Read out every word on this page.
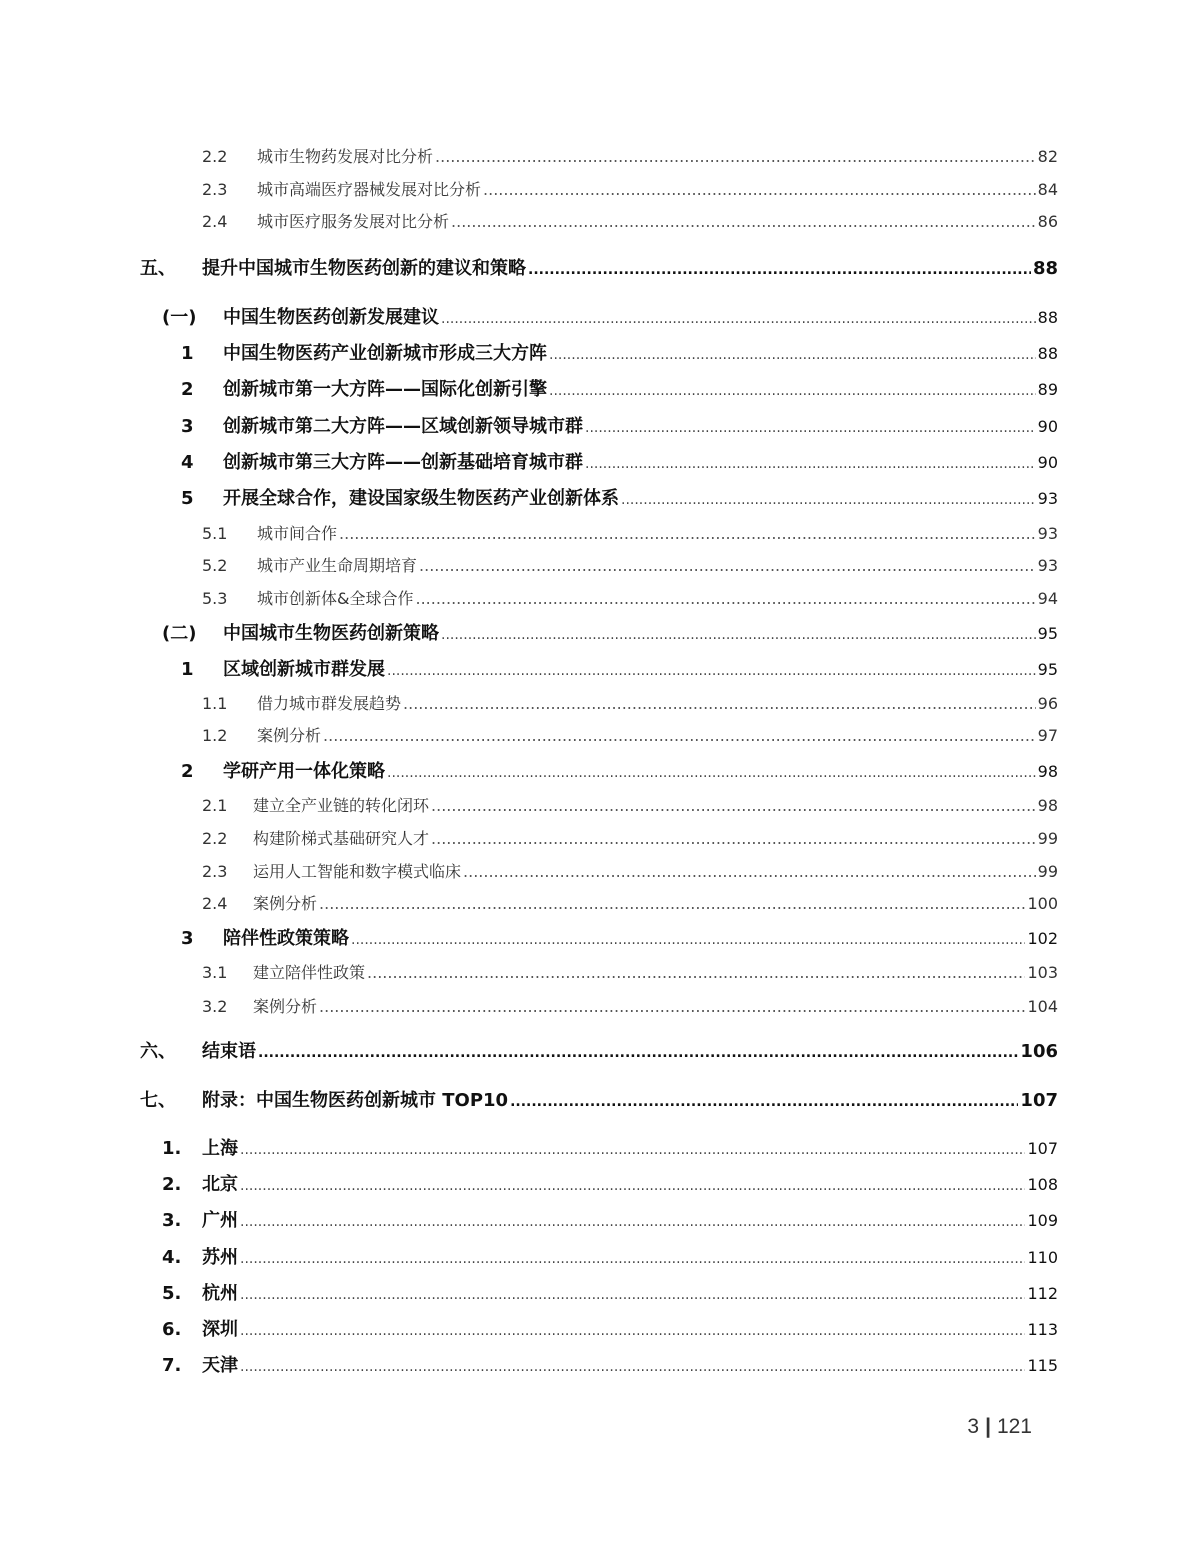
2.2 城市生物药发展对比分析 .....	82
2.3 城市高端医疗器械发展对比分析 .....	84
2.4 城市医疗服务发展对比分析 .....	86
五、 提升中国城市生物医药创新的建议和策略 .....	88
(一) 中国生物医药创新发展建议 .....	88
1 中国生物医药产业创新城市形成三大方阵 .....	88
2 创新城市第一大方阵——国际化创新引擎 .....	89
3 创新城市第二大方阵——区域创新领导城市群 .....	90
4 创新城市第三大方阵——创新基础培育城市群 .....	90
5 开展全球合作，建设国家级生物医药产业创新体系 .....	93
5.1 城市间合作 .....	93
5.2 城市产业生命周期培育 .....	93
5.3 城市创新体&全球合作 .....	94
(二) 中国城市生物医药创新策略 .....	95
1 区域创新城市群发展 .....	95
1.1 借力城市群发展趋势 .....	96
1.2 案例分析 .....	97
2 学研产用一体化策略 .....	98
2.1 建立全产业链的转化闭环 .....	98
2.2 构建阶梯式基础研究人才 .....	99
2.3 运用人工智能和数字模式临床 .....	99
2.4 案例分析 .....	100
3 陪伴性政策策略 .....	102
3.1 建立陪伴性政策 .....	103
3.2 案例分析 .....	104
六、 结束语 .....	106
七、 附录：中国生物医药创新城市 TOP10 .....	107
1. 上海 .....	107
2. 北京 .....	108
3. 广州 .....	109
4. 苏州 .....	110
5. 杭州 .....	112
6. 深圳 .....	113
7. 天津 .....	115
3 | 121
